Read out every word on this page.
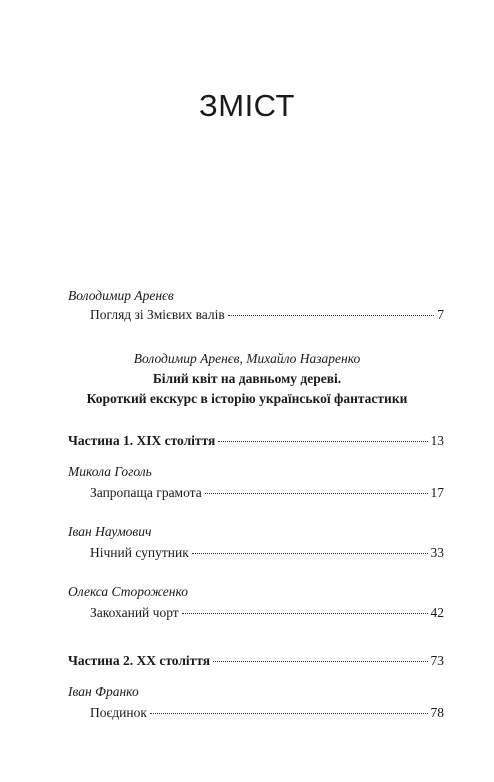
ЗМІСТ
Володимир Аренєв
Погляд зі Змієвих валів	7
Володимир Аренєв, Михайло Назаренко
Білий квіт на давньому дереві.
Короткий екскурс в історію української фантастики
Частина 1. XIX століття	13
Микола Гоголь
Запропаща грамота	17
Іван Наумович
Нічний супутник	33
Олекса Стороженко
Закоханий чорт	42
Частина 2. XX століття	73
Іван Франко
Поєдинок	78
